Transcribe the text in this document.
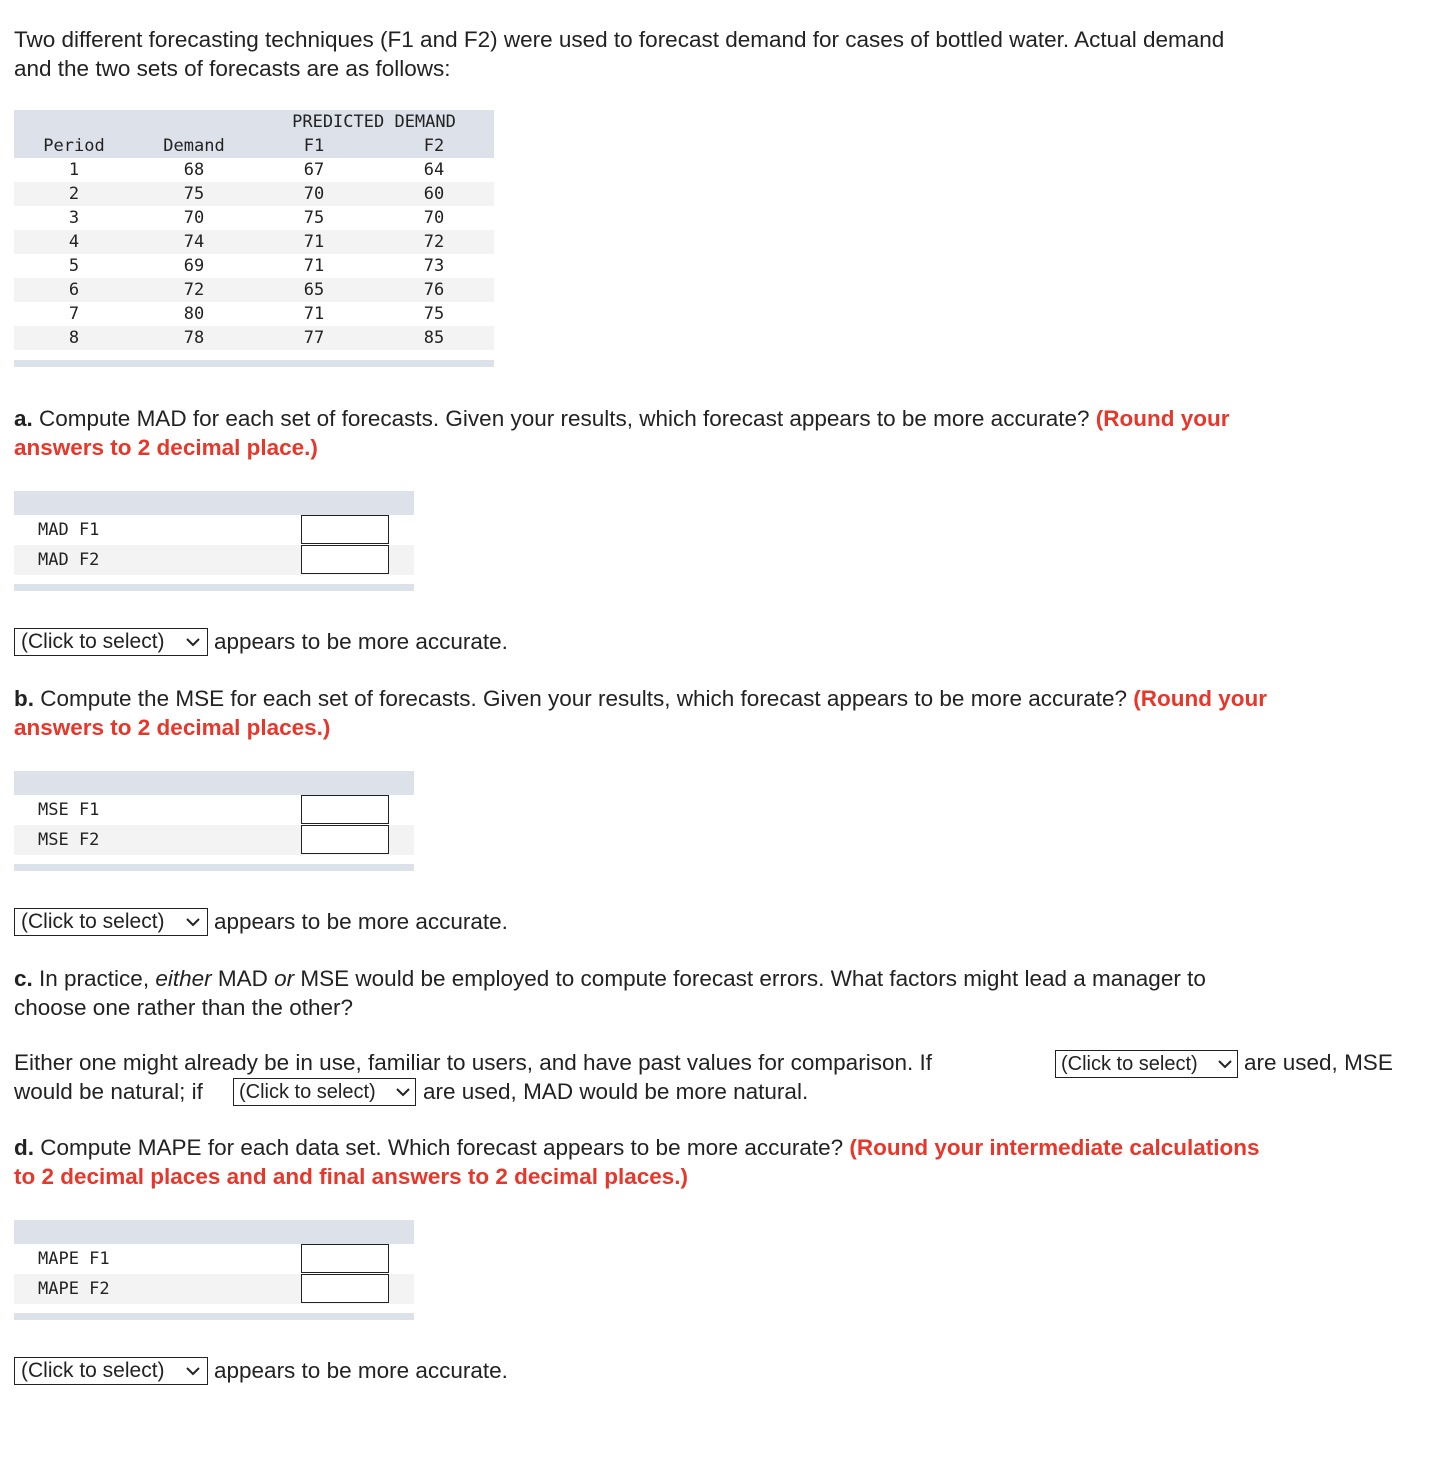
Two different forecasting techniques (F1 and F2) were used to forecast demand for cases of bottled water. Actual demand
and the two sets of forecasts are as follows:
PREDICTED DEMAND
Period	Demand	F1	F2
1	68	67	64
2	75	70	60
3	70	75	70
4	74	71	72
5	69	71	73
6	72	65	76
7	80	71	75
8	78	77	85
a. Compute MAD for each set of forecasts. Given your results, which forecast appears to be more accurate? (Round your
answers to 2 decimal place.)
MAD F1
MAD F2
(Click to select)	appears to be more accurate.
b. Compute the MSE for each set of forecasts. Given your results, which forecast appears to be more accurate? (Round your
answers to 2 decimal places.)
MSE F1
MSE F2
(Click to select)	appears to be more accurate.
c. In practice, either MAD or MSE would be employed to compute forecast errors. What factors might lead a manager to
choose one rather than the other?
Either one might already be in use, familiar to users, and have past values for comparison. If	(Click to select)	are used, MSE
would be natural; if	(Click to select)	are used, MAD would be more natural.
d. Compute MAPE for each data set. Which forecast appears to be more accurate? (Round your intermediate calculations
to 2 decimal places and and final answers to 2 decimal places.)
MAPE F1
MAPE F2
(Click to select)	appears to be more accurate.
